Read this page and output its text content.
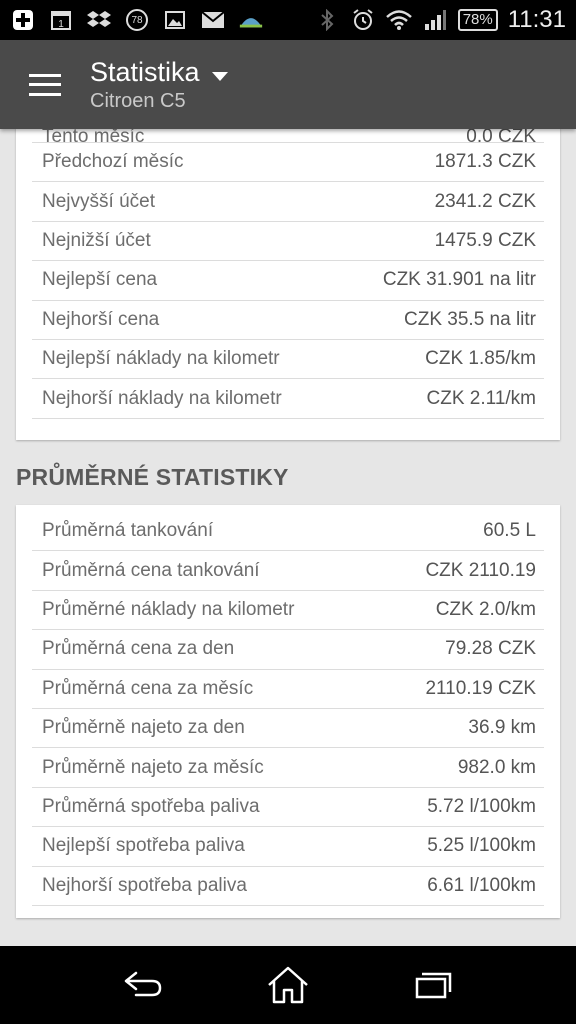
1	78	78% 11:31
Statistika
Citroen C5
Tento měsíc	0.0 CZK
Předchozí měsíc	1871.3 CZK
Nejvyšší účet	2341.2 CZK
Nejnižší účet	1475.9 CZK
Nejlepší cena	CZK 31.901 na litr
Nejhorší cena	CZK 35.5 na litr
Nejlepší náklady na kilometr	CZK 1.85/km
Nejhorší náklady na kilometr	CZK 2.11/km
PRŮMĚRNÉ STATISTIKY
Průměrná tankování	60.5 L
Průměrná cena tankování	CZK 2110.19
Průměrné náklady na kilometr	CZK 2.0/km
Průměrná cena za den	79.28 CZK
Průměrná cena za měsíc	2110.19 CZK
Průměrně najeto za den	36.9 km
Průměrně najeto za měsíc	982.0 km
Průměrná spotřeba paliva	5.72 l/100km
Nejlepší spotřeba paliva	5.25 l/100km
Nejhorší spotřeba paliva	6.61 l/100km
